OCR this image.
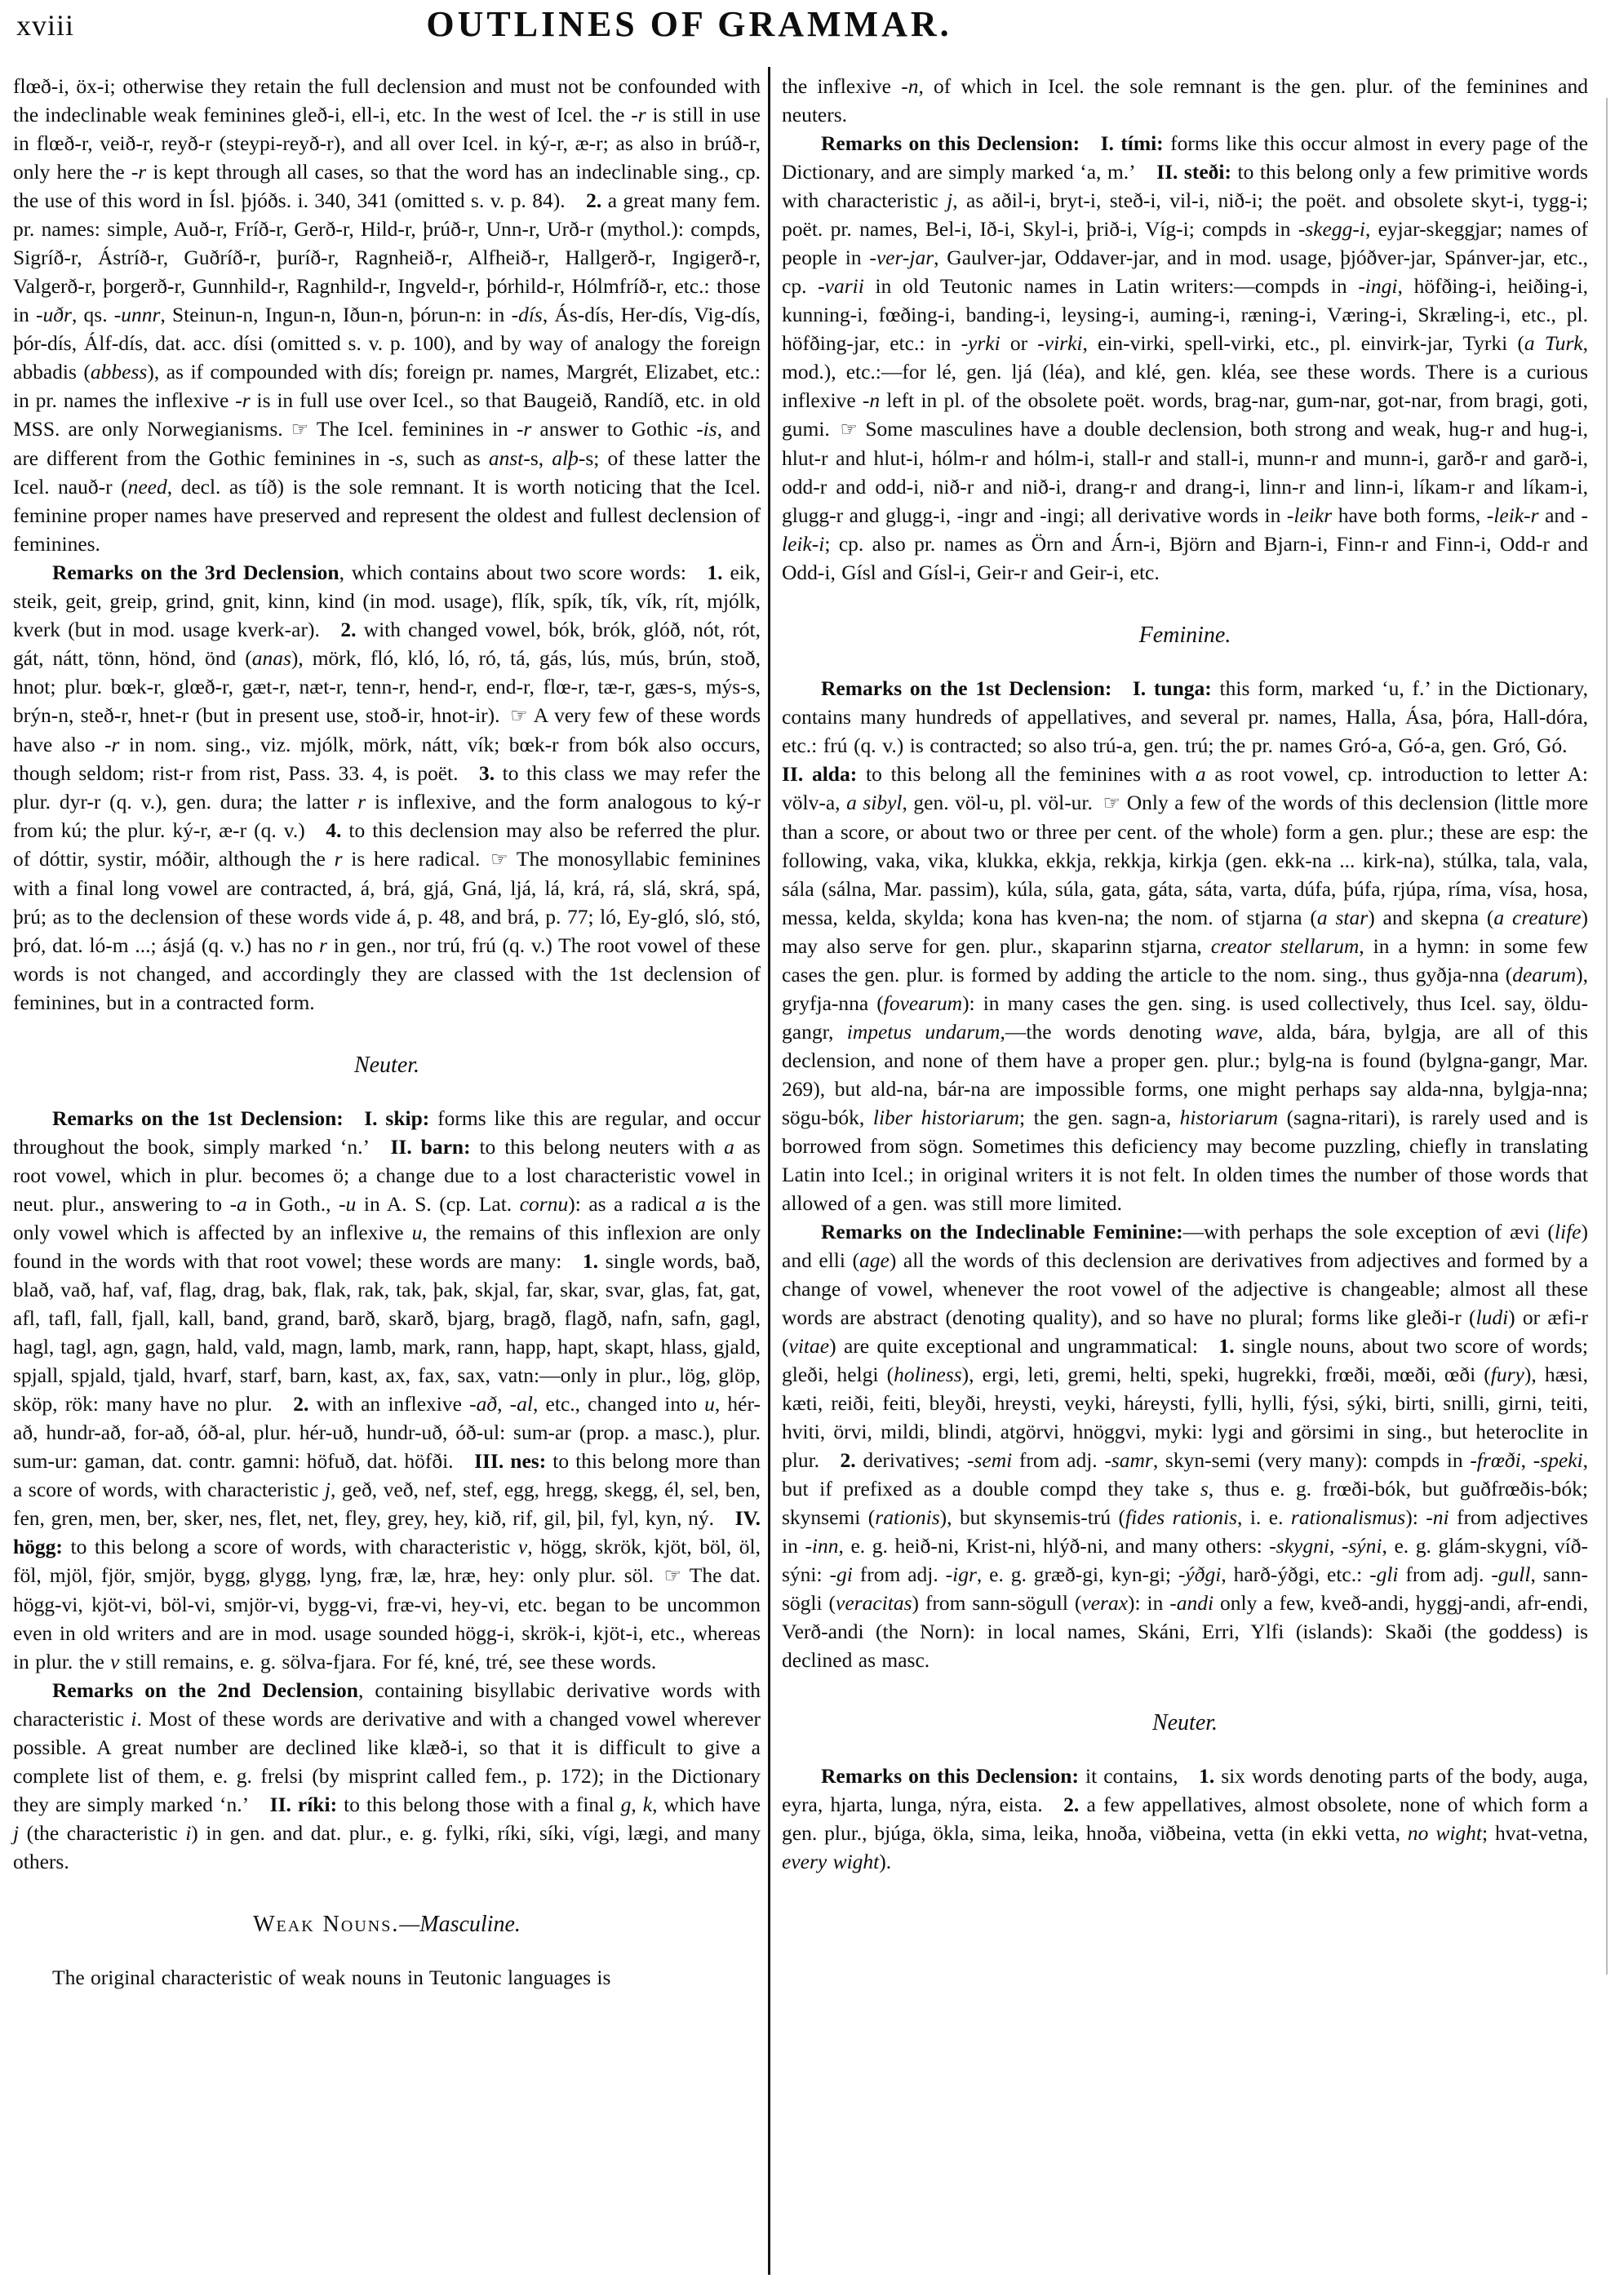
xviii	OUTLINES OF GRAMMAR.

flœð-i, öx-i; otherwise they retain the full declension and must not be confounded with the indeclinable weak feminines gleð-i, ell-i, etc. In the west of Icel. the -r is still in use in flœð-r, veið-r, reyð-r (steypi-reyð-r), and all over Icel. in ký-r, æ-r; as also in brúð-r, only here the -r is kept through all cases, so that the word has an indeclinable sing., cp. the use of this word in Ísl. þjóðs. i. 340, 341 (omitted s. v. p. 84).  2. a great many fem. pr. names: simple, Auð-r, Fríð-r, Gerð-r, Hild-r, þrúð-r, Unn-r, Urð-r (mythol.): compds, Sigríð-r, Ástríð-r, Guðríð-r, þuríð-r, Ragnheið-r, Alfheið-r, Hallgerð-r, Ingigerð-r, Valgerð-r, þorgerð-r, Gunnhild-r, Ragnhild-r, Ingveld-r, þórhild-r, Hólmfríð-r, etc.: those in -uðr, qs. -unnr, Steinun-n, Ingun-n, Iðun-n, þórun-n: in -dís, Ás-dís, Her-dís, Vig-dís, þór-dís, Álf-dís, dat. acc. dísi (omitted s. v. p. 100), and by way of analogy the foreign abbadis (abbess), as if compounded with dís; foreign pr. names, Margrét, Elizabet, etc.: in pr. names the inflexive -r is in full use over Icel., so that Baugeið, Randíð, etc. in old MSS. are only Norwegianisms. ☞ The Icel. feminines in -r answer to Gothic -is, and are different from the Gothic feminines in -s, such as anst-s, alþ-s; of these latter the Icel. nauð-r (need, decl. as tíð) is the sole remnant. It is worth noticing that the Icel. feminine proper names have preserved and represent the oldest and fullest declension of feminines.

Remarks on the 3rd Declension, which contains about two score words:  1. eik, steik, geit, greip, grind, gnit, kinn, kind (in mod. usage), flík, spík, tík, vík, rít, mjólk, kverk (but in mod. usage kverk-ar).  2. with changed vowel, bók, brók, glóð, nót, rót, gát, nátt, tönn, hönd, önd (anas), mörk, fló, kló, ló, ró, tá, gás, lús, mús, brún, stoð, hnot; plur. bœk-r, glœð-r, gæt-r, næt-r, tenn-r, hend-r, end-r, flœ-r, tæ-r, gæs-s, mýs-s, brýn-n, steð-r, hnet-r (but in present use, stoð-ir, hnot-ir). ☞ A very few of these words have also -r in nom. sing., viz. mjólk, mörk, nátt, vík; bœk-r from bók also occurs, though seldom; rist-r from rist, Pass. 33. 4, is poët.  3. to this class we may refer the plur. dyr-r (q. v.), gen. dura; the latter r is inflexive, and the form analogous to ký-r from kú; the plur. ký-r, æ-r (q. v.)  4. to this declension may also be referred the plur. of dóttir, systir, móðir, although the r is here radical. ☞ The monosyllabic feminines with a final long vowel are contracted, á, brá, gjá, Gná, ljá, lá, krá, rá, slá, skrá, spá, þrú; as to the declension of these words vide á, p. 48, and brá, p. 77; ló, Ey-gló, sló, stó, þró, dat. ló-m ...; ásjá (q. v.) has no r in gen., nor trú, frú (q. v.) The root vowel of these words is not changed, and accordingly they are classed with the 1st declension of feminines, but in a contracted form.

Neuter.

Remarks on the 1st Declension:  I. skip: forms like this are regular, and occur throughout the book, simply marked ‘n.’  II. barn: to this belong neuters with a as root vowel, which in plur. becomes ö; a change due to a lost characteristic vowel in neut. plur., answering to -a in Goth., -u in A. S. (cp. Lat. cornu): as a radical a is the only vowel which is affected by an inflexive u, the remains of this inflexion are only found in the words with that root vowel; these words are many:  1. single words, bað, blað, vað, haf, vaf, flag, drag, bak, flak, rak, tak, þak, skjal, far, skar, svar, glas, fat, gat, afl, tafl, fall, fjall, kall, band, grand, barð, skarð, bjarg, bragð, flagð, nafn, safn, gagl, hagl, tagl, agn, gagn, hald, vald, magn, lamb, mark, rann, happ, hapt, skapt, hlass, gjald, spjall, spjald, tjald, hvarf, starf, barn, kast, ax, fax, sax, vatn:—only in plur., lög, glöp, sköp, rök: many have no plur.  2. with an inflexive -að, -al, etc., changed into u, hér-að, hundr-að, for-að, óð-al, plur. hér-uð, hundr-uð, óð-ul: sum-ar (prop. a masc.), plur. sum-ur: gaman, dat. contr. gamni: höfuð, dat. höfði.  III. nes: to this belong more than a score of words, with characteristic j, geð, veð, nef, stef, egg, hregg, skegg, él, sel, ben, fen, gren, men, ber, sker, nes, flet, net, fley, grey, hey, kið, rif, gil, þil, fyl, kyn, ný.  IV. högg: to this belong a score of words, with characteristic v, högg, skrök, kjöt, böl, öl, föl, mjöl, fjör, smjör, bygg, glygg, lyng, fræ, læ, hræ, hey: only plur. söl. ☞ The dat. högg-vi, kjöt-vi, böl-vi, smjör-vi, bygg-vi, fræ-vi, hey-vi, etc. began to be uncommon even in old writers and are in mod. usage sounded högg-i, skrök-i, kjöt-i, etc., whereas in plur. the v still remains, e. g. sölva-fjara. For fé, kné, tré, see these words.

Remarks on the 2nd Declension, containing bisyllabic derivative words with characteristic i. Most of these words are derivative and with a changed vowel wherever possible. A great number are declined like klæð-i, so that it is difficult to give a complete list of them, e. g. frelsi (by misprint called fem., p. 172); in the Dictionary they are simply marked ‘n.’  II. ríki: to this belong those with a final g, k, which have j (the characteristic i) in gen. and dat. plur., e. g. fylki, ríki, síki, vígi, lægi, and many others.

Weak Nouns.—Masculine.

The original characteristic of weak nouns in Teutonic languages is

the inflexive -n, of which in Icel. the sole remnant is the gen. plur. of the feminines and neuters.

Remarks on this Declension:  I. tími: forms like this occur almost in every page of the Dictionary, and are simply marked ‘a, m.’  II. steði: to this belong only a few primitive words with characteristic j, as aðil-i, bryt-i, steð-i, vil-i, nið-i; the poët. and obsolete skyt-i, tygg-i; poët. pr. names, Bel-i, Ið-i, Skyl-i, þrið-i, Víg-i; compds in -skegg-i, eyjar-skeggjar; names of people in -ver-jar, Gaulver-jar, Oddaver-jar, and in mod. usage, þjóðver-jar, Spánver-jar, etc., cp. -varii in old Teutonic names in Latin writers:—compds in -ingi, höfðing-i, heiðing-i, kunning-i, fœðing-i, banding-i, leysing-i, auming-i, ræning-i, Væring-i, Skræling-i, etc., pl. höfðing-jar, etc.: in -yrki or -virki, ein-virki, spell-virki, etc., pl. einvirk-jar, Tyrki (a Turk, mod.), etc.:—for lé, gen. ljá (léa), and klé, gen. kléa, see these words. There is a curious inflexive -n left in pl. of the obsolete poët. words, brag-nar, gum-nar, got-nar, from bragi, goti, gumi. ☞ Some masculines have a double declension, both strong and weak, hug-r and hug-i, hlut-r and hlut-i, hólm-r and hólm-i, stall-r and stall-i, munn-r and munn-i, garð-r and garð-i, odd-r and odd-i, nið-r and nið-i, drang-r and drang-i, linn-r and linn-i, líkam-r and líkam-i, glugg-r and glugg-i, -ingr and -ingi; all derivative words in -leikr have both forms, -leik-r and -leik-i; cp. also pr. names as Örn and Árn-i, Björn and Bjarn-i, Finn-r and Finn-i, Odd-r and Odd-i, Gísl and Gísl-i, Geir-r and Geir-i, etc.

Feminine.

Remarks on the 1st Declension:  I. tunga: this form, marked ‘u, f.’ in the Dictionary, contains many hundreds of appellatives, and several pr. names, Halla, Ása, þóra, Hall-dóra, etc.: frú (q. v.) is contracted; so also trú-a, gen. trú; the pr. names Gró-a, Gó-a, gen. Gró, Gó.  II. alda: to this belong all the feminines with a as root vowel, cp. introduction to letter A: völv-a, a sibyl, gen. völ-u, pl. völ-ur. ☞ Only a few of the words of this declension (little more than a score, or about two or three per cent. of the whole) form a gen. plur.; these are esp: the following, vaka, vika, klukka, ekkja, rekkja, kirkja (gen. ekk-na ... kirk-na), stúlka, tala, vala, sála (sálna, Mar. passim), kúla, súla, gata, gáta, sáta, varta, dúfa, þúfa, rjúpa, ríma, vísa, hosa, messa, kelda, skylda; kona has kven-na; the nom. of stjarna (a star) and skepna (a creature) may also serve for gen. plur., skaparinn stjarna, creator stellarum, in a hymn: in some few cases the gen. plur. is formed by adding the article to the nom. sing., thus gyðja-nna (dearum), gryfja-nna (fovearum): in many cases the gen. sing. is used collectively, thus Icel. say, öldu-gangr, impetus undarum,—the words denoting wave, alda, bára, bylgja, are all of this declension, and none of them have a proper gen. plur.; bylg-na is found (bylgna-gangr, Mar. 269), but ald-na, bár-na are impossible forms, one might perhaps say alda-nna, bylgja-nna; sögu-bók, liber historiarum; the gen. sagn-a, historiarum (sagna-ritari), is rarely used and is borrowed from sögn. Sometimes this deficiency may become puzzling, chiefly in translating Latin into Icel.; in original writers it is not felt. In olden times the number of those words that allowed of a gen. was still more limited.

Remarks on the Indeclinable Feminine:—with perhaps the sole exception of ævi (life) and elli (age) all the words of this declension are derivatives from adjectives and formed by a change of vowel, whenever the root vowel of the adjective is changeable; almost all these words are abstract (denoting quality), and so have no plural; forms like gleði-r (ludi) or æfi-r (vitae) are quite exceptional and ungrammatical:  1. single nouns, about two score of words; gleði, helgi (holiness), ergi, leti, gremi, helti, speki, hugrekki, frœði, mœði, œði (fury), hæsi, kæti, reiði, feiti, bleyði, hreysti, veyki, háreysti, fylli, hylli, fýsi, sýki, birti, snilli, girni, teiti, hviti, örvi, mildi, blindi, atgörvi, hnöggvi, myki: lygi and görsimi in sing., but heteroclite in plur.  2. derivatives; -semi from adj. -samr, skyn-semi (very many): compds in -frœði, -speki, but if prefixed as a double compd they take s, thus e. g. frœði-bók, but guðfrœðis-bók; skynsemi (rationis), but skynsemis-trú (fides rationis, i. e. rationalismus): -ni from adjectives in -inn, e. g. heið-ni, Krist-ni, hlýð-ni, and many others: -skygni, -sýni, e. g. glám-skygni, víð-sýni: -gi from adj. -igr, e. g. græð-gi, kyn-gi; -ýðgi, harð-ýðgi, etc.: -gli from adj. -gull, sann-sögli (veracitas) from sann-sögull (verax): in -andi only a few, kveð-andi, hyggj-andi, afr-endi, Verð-andi (the Norn): in local names, Skáni, Erri, Ylfi (islands): Skaði (the goddess) is declined as masc.

Neuter.

Remarks on this Declension: it contains,  1. six words denoting parts of the body, auga, eyra, hjarta, lunga, nýra, eista.  2. a few appellatives, almost obsolete, none of which form a gen. plur., bjúga, ökla, sima, leika, hnoða, viðbeina, vetta (in ekki vetta, no wight; hvat-vetna, every wight).
